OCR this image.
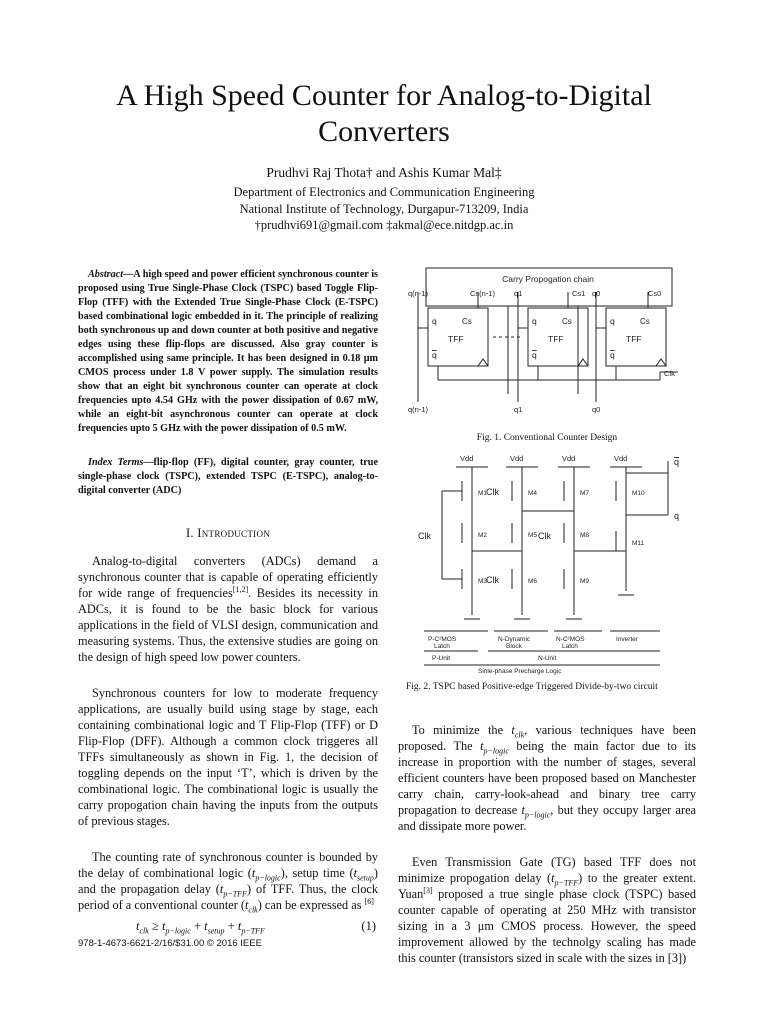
A High Speed Counter for Analog-to-Digital Converters
Prudhvi Raj Thota† and Ashis Kumar Mal‡
Department of Electronics and Communication Engineering
National Institute of Technology, Durgapur-713209, India
†prudhvi691@gmail.com ‡akmal@ece.nitdgp.ac.in

Abstract—A high speed and power efficient synchronous counter is proposed using True Single-Phase Clock (TSPC) based Toggle Flip-Flop (TFF) with the Extended True Single-Phase Clock (E-TSPC) based combinational logic embedded in it. The principle of realizing both synchronous up and down counter at both positive and negative edges using these flip-flops are discussed. Also gray counter is accomplished using same principle. It has been designed in 0.18 μm CMOS process under 1.8 V power supply. The simulation results show that an eight bit synchronous counter can operate at clock frequencies upto 4.54 GHz with the power dissipation of 0.67 mW, while an eight-bit asynchronous counter can operate at clock frequencies upto 5 GHz with the power dissipation of 0.5 mW.

Index Terms—flip-flop (FF), digital counter, gray counter, true single-phase clock (TSPC), extended TSPC (E-TSPC), analog-to-digital converter (ADC)

I. Introduction

Analog-to-digital converters (ADCs) demand a synchronous counter that is capable of operating efficiently for wide range of frequencies[1,2]. Besides its necessity in ADCs, it is found to be the basic block for various applications in the field of VLSI design, communication and measuring systems. Thus, the extensive studies are going on the design of high speed low power counters.

Synchronous counters for low to moderate frequency applications, are usually build using stage by stage, each containing combinational logic and T Flip-Flop (TFF) or D Flip-Flop (DFF). Although a common clock triggeres all TFFs simultaneously as shown in Fig. 1, the decision of toggling depends on the input ‘T’, which is driven by the combinational logic. The combinational logic is usually the carry propogation chain having the inputs from the outputs of previous stages.

The counting rate of synchronous counter is bounded by the delay of combinational logic $(t_{p-logic})$, setup time $(t_{setup})$ and the propagation delay $(t_{p-TFF})$ of TFF. Thus, the clock period of a conventional counter $(t_{clk})$ can be expressed as [6]

$t_{clk} \ge t_{p-logic} + t_{setup} + t_{p-TFF}$	(1)
978-1-4673-6621-2/16/$31.00 © 2016 IEEE
Carry Propogation chain
q(n-1)	Cs(n-1)	q1	Cs1 q0	Cs0
q	Cs
TFF
q
q	Cs
TFF
q
q	Cs
TFF
q
Clk
q(n-1)	q1	q0
Fig. 1. Conventional Counter Design
Vdd	Vdd	Vdd	Vdd	q
q
M1
M2
M3
M4
M5
M6
M7
M8
M9
M10
M11
Clk
Clk	Clk
Clk
P-C²MOS
Latch
N-Dynamic
Block
N-C²MOS
Latch
Inverter
P-Unit	N-Unit
Sinle-phase Precharge Logic
Fig. 2. TSPC based Positive-edge Triggered Divide-by-two circuit

To minimize the $t_{clk}$, various techniques have been proposed. The $t_{p-logic}$ being the main factor due to its increase in proportion with the number of stages, several efficient counters have been proposed based on Manchester carry chain, carry-look-ahead and binary tree carry propagation to decrease $t_{p-logic}$, but they occupy larger area and dissipate more power.

Even Transmission Gate (TG) based TFF does not minimize propogation delay $(t_{p-TFF})$ to the greater extent. Yuan[3] proposed a true single phase clock (TSPC) based counter capable of operating at 250 MHz with transistor sizing in a 3 μm CMOS process. However, the speed improvement allowed by the technolgy scaling has made this counter (transistors sized in scale with the sizes in [3])
